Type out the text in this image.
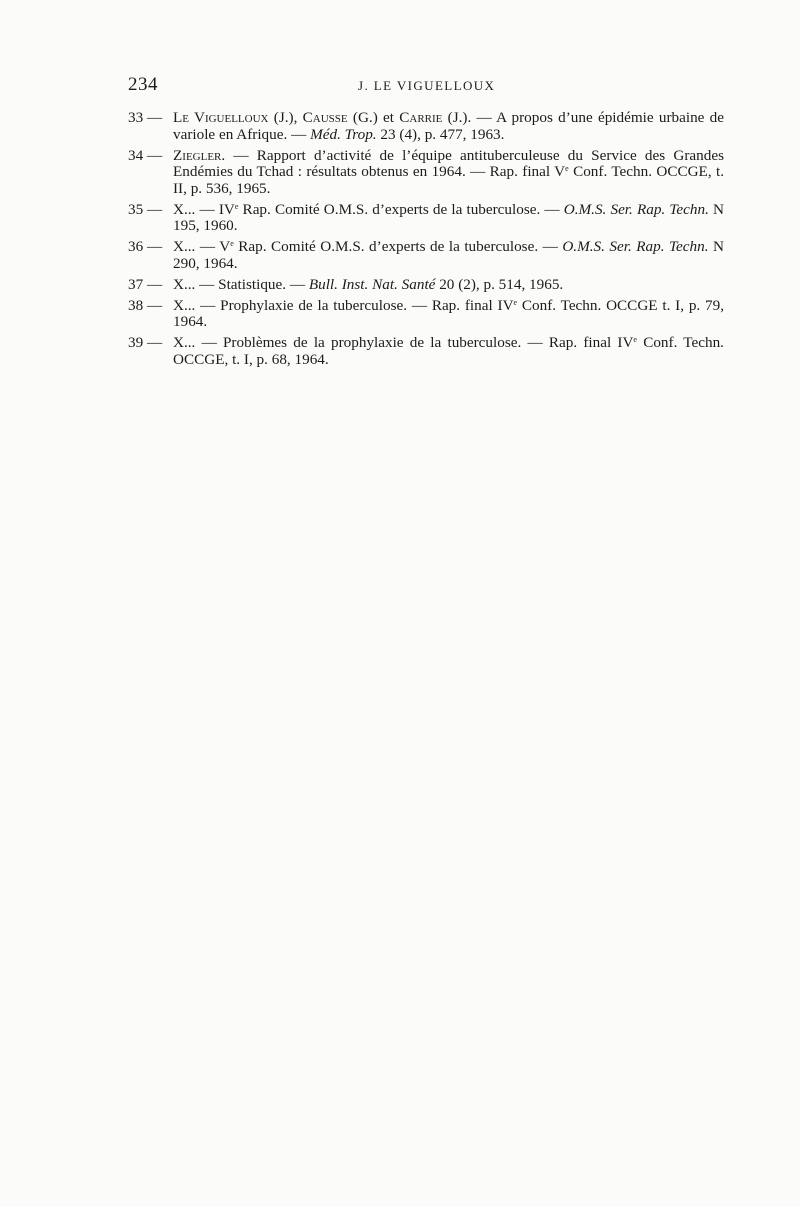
234	J. LE VIGUELLOUX
33 — Le Viguelloux (J.), Causse (G.) et Carrie (J.). — A propos d’une épidémie urbaine de variole en Afrique. — Méd. Trop. 23 (4), p. 477, 1963.
34 — Ziegler. — Rapport d’activité de l’équipe antituberculeuse du Service des Grandes Endémies du Tchad : résultats obtenus en 1964. — Rap. final Ve Conf. Techn. OCCGE, t. II, p. 536, 1965.
35 — X... — IVe Rap. Comité O.M.S. d’experts de la tuberculose. — O.M.S. Ser. Rap. Techn. N 195, 1960.
36 — X... — Ve Rap. Comité O.M.S. d’experts de la tuberculose. — O.M.S. Ser. Rap. Techn. N 290, 1964.
37 — X... — Statistique. — Bull. Inst. Nat. Santé 20 (2), p. 514, 1965.
38 — X... — Prophylaxie de la tuberculose. — Rap. final IVe Conf. Techn. OCCGE t. I, p. 79, 1964.
39 — X... — Problèmes de la prophylaxie de la tuberculose. — Rap. final IVe Conf. Techn. OCCGE, t. I, p. 68, 1964.
